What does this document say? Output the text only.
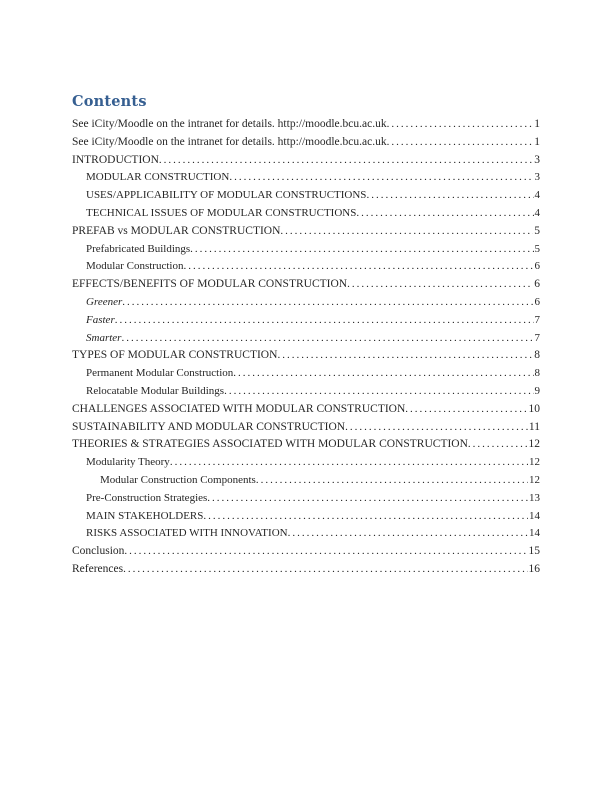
Contents
See iCity/Moodle on the intranet for details. http://moodle.bcu.ac.uk .....	1
See iCity/Moodle on the intranet for details. http://moodle.bcu.ac.uk .....	1
INTRODUCTION .....	3
MODULAR CONSTRUCTION .....	3
USES/APPLICABILITY OF MODULAR CONSTRUCTIONS .....	4
TECHNICAL ISSUES OF MODULAR CONSTRUCTIONS .....	4
PREFAB vs MODULAR CONSTRUCTION .....	5
Prefabricated Buildings .....	5
Modular Construction .....	6
EFFECTS/BENEFITS OF MODULAR CONSTRUCTION .....	6
Greener .....	6
Faster .....	7
Smarter .....	7
TYPES OF MODULAR CONSTRUCTION .....	8
Permanent Modular Construction .....	8
Relocatable Modular Buildings .....	9
CHALLENGES ASSOCIATED WITH MODULAR CONSTRUCTION .....	10
SUSTAINABILITY AND MODULAR CONSTRUCTION .....	11
THEORIES & STRATEGIES ASSOCIATED WITH MODULAR CONSTRUCTION .....	12
Modularity Theory .....	12
Modular Construction Components .....	12
Pre-Construction Strategies .....	13
MAIN STAKEHOLDERS .....	14
RISKS ASSOCIATED WITH INNOVATION .....	14
Conclusion .....	15
References .....	16
